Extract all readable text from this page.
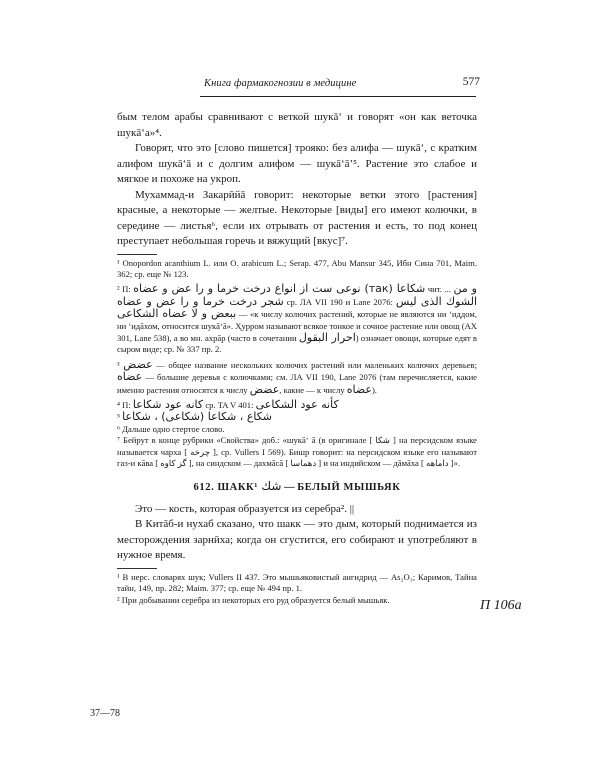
Книга фармакогнозии в медицине	577

бым телом арабы сравнивают с веткой шукāʻ и говорят «он как веточка шукāʻа»⁴.

Говорят, что это [слово пишется] трояко: без алифа — шукāʻ, с кратким алифом шукāʻā и с долгим алифом — шукāʻāʼ⁵. Растение это слабое и мягкое и похоже на укроп.

Мухаммад-и Закарӣйā говорит: некоторые ветки этого [растения] красные, а некоторые — желтые. Некоторые [виды] его имеют колючки, в середине — листья⁶, если их отрывать от растения и есть, то под конец преступает небольшая горечь и вяжущий [вкус]⁷.

¹ Onopordon acanthium L. или O. arabicum L.; Serap. 477, Abu Mansur 345, Ибн Сина 701, Maim. 362; ср. еще № 123.
² П: شکاعا (так) نوعی ست از انواع درخت خرما و را عض و عضاه чит. ... و من شجر درخت خرما و را عض و عضاه ср. ЛА VII 190 и Lane 2076: الشوك الذی لیس ببعض و لا عضاه الشکاعی — «к числу колючих растений, которые не являются ни ʻиддом, ни ʻидāхом, относится шукāʻā». Ҳурром называют всякое тонкое и сочное растение или овощ (АХ 301, Lane 538), а во мн. ахрāр (часто в сочетании احرار البقول) означает овощи, которые едят в сыром виде; ср. № 337 пр. 2.
³ عضض — общее название нескольких колючих растений или маленьких колючих деревьев; عضاه — большие деревья с колючками; см. ЛА VII 190, Lane 2076 (там перечисляется, какие именно растения относятся к числу عضض, какие — к числу عضاه).
⁴ П: کانه عود شکاعا ср. TA V 401: کأنه عود الشکاعی
⁵ شکاع ، شکاعا (شکاعی) ، شکاعا
⁶ Дальше одно стертое слово.
⁷ Бейрут в конце рубрики «Свойства» доб.: «шукāʻ ā (в оригинале [ شکا ] на персидском языке называется чарха [ چرخه ], ср. Vullers I 569). Бишр говорит: на персидском языке его называют газ-и кāва [ گز کاوه ], на синдском — дахмāсā [ دهماسا ] и на индийском — дāмāха [ داماهه ]».
612. ШАКК¹ شك — БЕЛЫЙ МЫШЬЯК

Это — кость, которая образуется из серебра². ||

В Китāб-и нухаб сказано, что шакк — это дым, который поднимается из месторождения зарнӣха; когда он сгустится, его собирают и употребляют в нужное время.

¹ В нерс. словарях шук; Vullers II 437. Это мышьяковистый ангидрид — As₂O₃; Каримов, Тайна тайн, 149, пр. 282; Maim. 377; ср. еще № 494 пр. 1.
² При добывании серебра из некоторых его руд образуется белый мышьяк.	П 106а
37—78
